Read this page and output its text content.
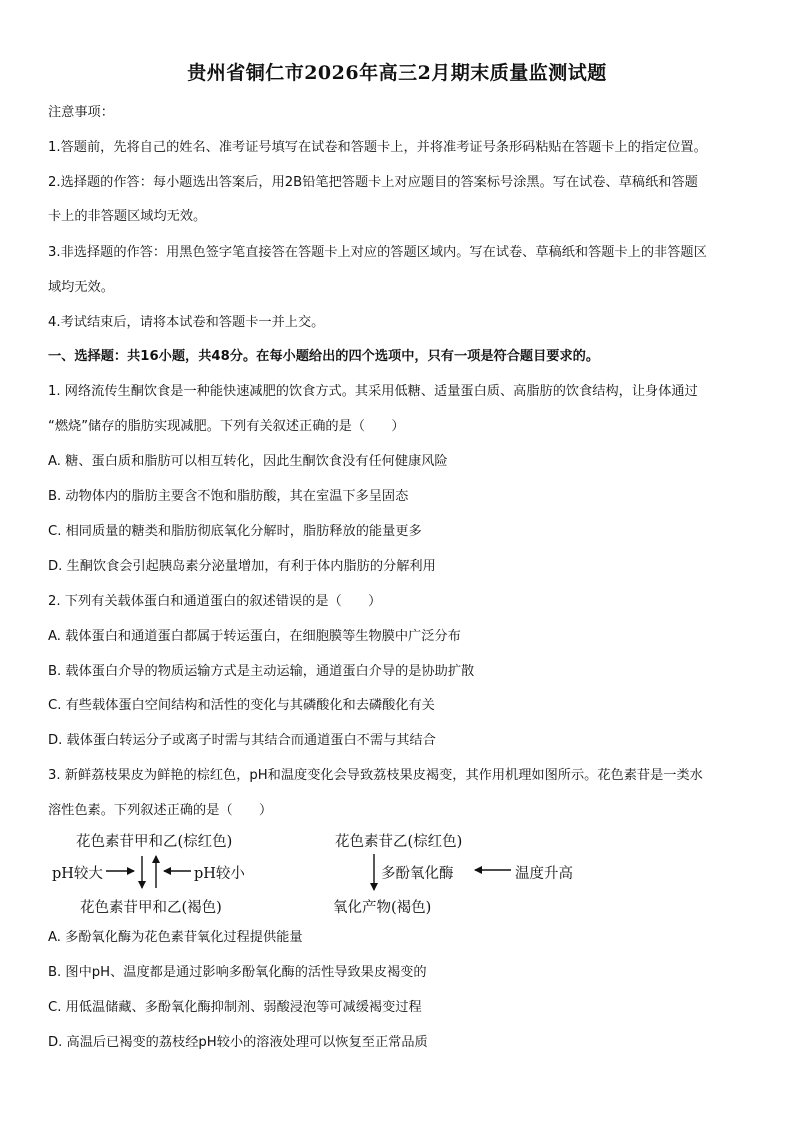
贵州省铜仁市2026年高三2月期末质量监测试题
注意事项：
1.答题前，先将自己的姓名、准考证号填写在试卷和答题卡上，并将准考证号条形码粘贴在答题卡上的指定位置。
2.选择题的作答：每小题选出答案后，用2B铅笔把答题卡上对应题目的答案标号涂黑。写在试卷、草稿纸和答题
卡上的非答题区域均无效。
3.非选择题的作答：用黑色签字笔直接答在答题卡上对应的答题区域内。写在试卷、草稿纸和答题卡上的非答题区
域均无效。
4.考试结束后，请将本试卷和答题卡一并上交。
一、选择题：共16小题，共48分。在每小题给出的四个选项中，只有一项是符合题目要求的。
1. 网络流传生酮饮食是一种能快速减肥的饮食方式。其采用低糖、适量蛋白质、高脂肪的饮食结构，让身体通过
“燃烧”储存的脂肪实现减肥。下列有关叙述正确的是（　　）
A. 糖、蛋白质和脂肪可以相互转化，因此生酮饮食没有任何健康风险
B. 动物体内的脂肪主要含不饱和脂肪酸，其在室温下多呈固态
C. 相同质量的糖类和脂肪彻底氧化分解时，脂肪释放的能量更多
D. 生酮饮食会引起胰岛素分泌量增加，有利于体内脂肪的分解利用
2. 下列有关载体蛋白和通道蛋白的叙述错误的是（　　）
A. 载体蛋白和通道蛋白都属于转运蛋白，在细胞膜等生物膜中广泛分布
B. 载体蛋白介导的物质运输方式是主动运输，通道蛋白介导的是协助扩散
C. 有些载体蛋白空间结构和活性的变化与其磷酸化和去磷酸化有关
D. 载体蛋白转运分子或离子时需与其结合而通道蛋白不需与其结合
3. 新鲜荔枝果皮为鲜艳的棕红色，pH和温度变化会导致荔枝果皮褐变，其作用机理如图所示。花色素苷是一类水
溶性色素。下列叙述正确的是（　　）
花色素苷甲和乙(棕红色)
pH较大	pH较小
花色素苷甲和乙(褐色)
花色素苷乙(棕红色)
多酚氧化酶	温度升高
氧化产物(褐色)
A. 多酚氧化酶为花色素苷氧化过程提供能量
B. 图中pH、温度都是通过影响多酚氧化酶的活性导致果皮褐变的
C. 用低温储藏、多酚氧化酶抑制剂、弱酸浸泡等可减缓褐变过程
D. 高温后已褐变的荔枝经pH较小的溶液处理可以恢复至正常品质
